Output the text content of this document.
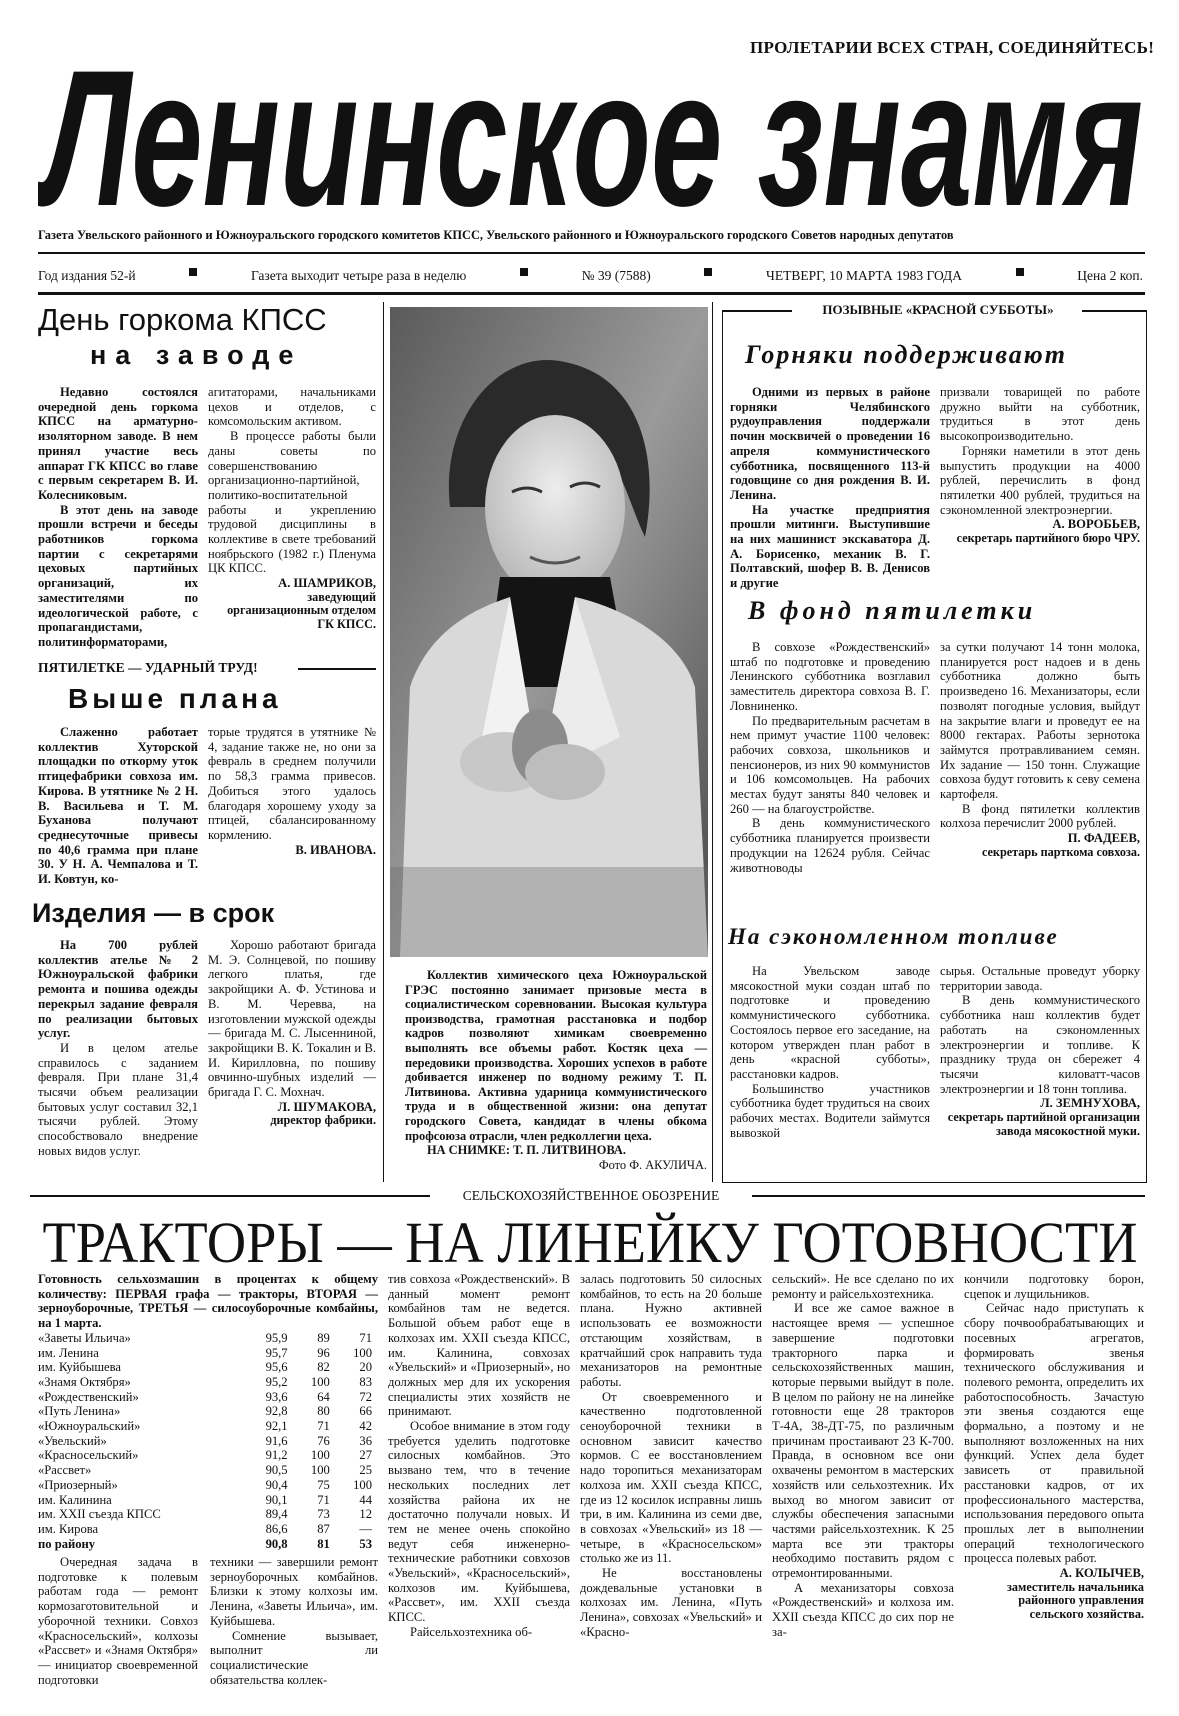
ПРОЛЕТАРИИ ВСЕХ СТРАН, СОЕДИНЯЙТЕСЬ!
Ленинское знамя
Газета Увельского районного и Южноуральского городского комитетов КПСС, Увельского районного и Южноуральского городского Советов народных депутатов
Год издания 52-й	Газета выходит четыре раза в неделю	№ 39 (7588)	ЧЕТВЕРГ, 10 МАРТА 1983 ГОДА	Цена 2 коп.
День горкома КПСС
на заводе

Недавно состоялся очередной день горкома КПСС на арматурно-изоляторном заводе. В нем принял участие весь аппарат ГК КПСС во главе с первым секретарем В. И. Колесниковым.

В этот день на заводе прошли встречи и беседы работников горкома партии с секретарями цеховых партийных организаций, их заместителями по идеологической работе, с пропагандистами, политинформаторами,

агитаторами, начальниками цехов и отделов, с комсомольским активом.

В процессе работы были даны советы по совершенствованию организационно-партийной, политико-воспитательной работы и укреплению трудовой дисциплины в коллективе в свете требований ноябрьского (1982 г.) Пленума ЦК КПСС.

А. ШАМРИКОВ,

заведующий организационным отделом ГК КПСС.
ПЯТИЛЕТКЕ — УДАРНЫЙ ТРУД!
Выше плана

Слаженно работает коллектив Хуторской площадки по откорму уток птицефабрики совхоза им. Кирова. В утятнике № 2 Н. В. Васильева и Т. М. Буханова получают среднесуточные привесы по 40,6 грамма при плане 30. У Н. А. Чемпалова и Т. И. Ковтун, ко-

торые трудятся в утятнике № 4, задание также не, но они за февраль в среднем получили по 58,3 грамма привесов. Добиться этого удалось благодаря хорошему уходу за птицей, сбалансированному кормлению.

В. ИВАНОВА.

Изделия — в срок

На 700 рублей коллектив ателье № 2 Южноуральской фабрики ремонта и пошива одежды перекрыл задание февраля по реализации бытовых услуг.

И в целом ателье справилось с заданием февраля. При плане 31,4 тысячи объем реализации бытовых услуг составил 32,1 тысячи рублей. Этому способствовало внедрение новых видов услуг.

Хорошо работают бригада М. Э. Солнцевой, по пошиву легкого платья, где закройщики А. Ф. Устинова и В. М. Черевва, на изготовлении мужской одежды — бригада М. С. Лысенниной, закройщики В. К. Токалин и В. И. Кирилловна, по пошиву овчинно-шубных изделий — бригада Г. С. Мохнач.

Л. ШУМАКОВА,

директор фабрики.

Коллектив химического цеха Южноуральской ГРЭС постоянно занимает призовые места в социалистическом соревновании. Высокая культура производства, грамотная расстановка и подбор кадров позволяют химикам своевременно выполнять все объемы работ. Костяк цеха — передовики производства. Хороших успехов в работе добивается инженер по водному режиму Т. П. Литвинова. Активна ударница коммунистического труда и в общественной жизни: она депутат городского Совета, кандидат в члены обкома профсоюза отрасли, член редколлегии цеха.

НА СНИМКЕ: Т. П. ЛИТВИНОВА.

Фото Ф. АКУЛИЧА.
ПОЗЫВНЫЕ «КРАСНОЙ СУББОТЫ»
Горняки поддерживают

Одними из первых в районе горняки Челябинского рудоуправления поддержали почин москвичей о проведении 16 апреля коммунистического субботника, посвященного 113-й годовщине со дня рождения В. И. Ленина.

На участке предприятия прошли митинги. Выступившие на них машинист экскаватора Д. А. Борисенко, механик В. Г. Полтавский, шофер В. В. Денисов и другие

призвали товарищей по работе дружно выйти на субботник, трудиться в этот день высокопроизводительно.

Горняки наметили в этот день выпустить продукции на 4000 рублей, перечислить в фонд пятилетки 400 рублей, трудиться на сэкономленной электроэнергии.

А. ВОРОБЬЕВ,

секретарь партийного бюро ЧРУ.
В фонд пятилетки

В совхозе «Рождественский» штаб по подготовке и проведению Ленинского субботника возглавил заместитель директора совхоза В. Г. Ловниненко.

По предварительным расчетам в нем примут участие 1100 человек: рабочих совхоза, школьников и пенсионеров, из них 90 коммунистов и 106 комсомольцев. На рабочих местах будут заняты 840 человек и 260 — на благоустройстве.

В день коммунистического субботника планируется произвести продукции на 12624 рубля. Сейчас животноводы

за сутки получают 14 тонн молока, планируется рост надоев и в день субботника должно быть произведено 16. Механизаторы, если позволят погодные условия, выйдут на закрытие влаги и проведут ее на 8000 гектарах. Работы зернотока займутся протравливанием семян. Их задание — 150 тонн. Служащие совхоза будут готовить к севу семена картофеля.

В фонд пятилетки коллектив колхоза перечислит 2000 рублей.

П. ФАДЕЕВ,

секретарь парткома совхоза.
На сэкономленном топливе

На Увельском заводе мясокостной муки создан штаб по подготовке и проведению коммунистического субботника. Состоялось первое его заседание, на котором утвержден план работ в день «красной субботы», расстановки кадров.

Большинство участников субботника будет трудиться на своих рабочих местах. Водители займутся вывозкой

сырья. Остальные проведут уборку территории завода.

В день коммунистического субботника наш коллектив будет работать на сэкономленных электроэнергии и топливе. К празднику труда он сбережет 4 тысячи киловатт-часов электроэнергии и 18 тонн топлива.

Л. ЗЕМНУХОВА,

секретарь партийной организации завода мясокостной муки.
СЕЛЬСКОХОЗЯЙСТВЕННОЕ ОБОЗРЕНИЕ
ТРАКТОРЫ — НА ЛИНЕЙКУ ГОТОВНОСТИ

Готовность сельхозмашин в процентах к общему количеству: ПЕРВАЯ графа — тракторы, ВТОРАЯ — зерноуборочные, ТРЕТЬЯ — силосоуборочные комбайны, на 1 марта.

«Заветы Ильича»	95,9	89	71
им. Ленина	95,7	96	100
им. Куйбышева	95,6	82	20
«Знамя Октября»	95,2	100	83
«Рождественский»	93,6	64	72
«Путь Ленина»	92,8	80	66
«Южноуральский»	92,1	71	42
«Увельский»	91,6	76	36
«Красносельский»	91,2	100	27
«Рассвет»	90,5	100	25
«Приозерный»	90,4	75	100
им. Калинина	90,1	71	44
им. XXII съезда КПСС	89,4	73	12
им. Кирова	86,6	87	—
по району	90,8	81	53

Очередная задача в подготовке к полевым работам года — ремонт кормозаготовительной и уборочной техники. Совхоз «Красносельский», колхозы «Рассвет» и «Знамя Октября» — инициатор своевременной подготовки

техники — завершили ремонт зерноуборочных комбайнов. Близки к этому колхозы им. Ленина, «Заветы Ильича», им. Куйбышева.

Сомнение вызывает, выполнит ли социалистические обязательства коллек-

тив совхоза «Рождественский». В данный момент ремонт комбайнов там не ведется. Большой объем работ еще в колхозах им. XXII съезда КПСС, им. Калинина, совхозах «Увельский» и «Приозерный», но должных мер для их ускорения специалисты этих хозяйств не принимают.

Особое внимание в этом году требуется уделить подготовке силосных комбайнов. Это вызвано тем, что в течение нескольких последних лет хозяйства района их не достаточно получали новых. И тем не менее очень спокойно ведут себя инженерно-технические работники совхозов «Увельский», «Красносельский», колхозов им. Куйбышева, «Рассвет», им. XXII съезда КПСС.

Райсельхозтехника об-

залась подготовить 50 силосных комбайнов, то есть на 20 больше плана. Нужно активней использовать ее возможности отстающим хозяйствам, в кратчайший срок направить туда механизаторов на ремонтные работы.

От своевременного и качественно подготовленной сеноуборочной техники в основном зависит качество кормов. С ее восстановлением надо торопиться механизаторам колхоза им. XXII съезда КПСС, где из 12 косилок исправны лишь три, в им. Калинина из семи две, в совхозах «Увельский» из 18 — четыре, в «Красносельском» столько же из 11.

Не восстановлены дождевальные установки в колхозах им. Ленина, «Путь Ленина», совхозах «Увельский» и «Красно-

сельский». Не все сделано по их ремонту и райсельхозтехника.

И все же самое важное в настоящее время — успешное завершение подготовки тракторного парка и сельскохозяйственных машин, которые первыми выйдут в поле. В целом по району не на линейке готовности еще 28 тракторов Т-4А, 38-ДТ-75, по различным причинам простаивают 23 К-700. Правда, в основном все они охвачены ремонтом в мастерских хозяйств или сельхозтехник. Их выход во многом зависит от службы обеспечения запасными частями райсельхозтехник. К 25 марта все эти тракторы необходимо поставить рядом с отремонтированными.

А механизаторы совхоза «Рождественский» и колхоза им. XXII съезда КПСС до сих пор не за-

кончили подготовку борон, сцепок и лущильников.

Сейчас надо приступать к сбору почвообрабатывающих и посевных агрегатов, формировать звенья технического обслуживания и полевого ремонта, определить их работоспособность. Зачастую эти звенья создаются еще формально, а поэтому и не выполняют возложенных на них функций. Успех дела будет зависеть от правильной расстановки кадров, от их профессионального мастерства, использования передового опыта прошлых лет в выполнении операций технологического процесса полевых работ.

А. КОЛЫЧЕВ,

заместитель начальника районного управления сельского хозяйства.
